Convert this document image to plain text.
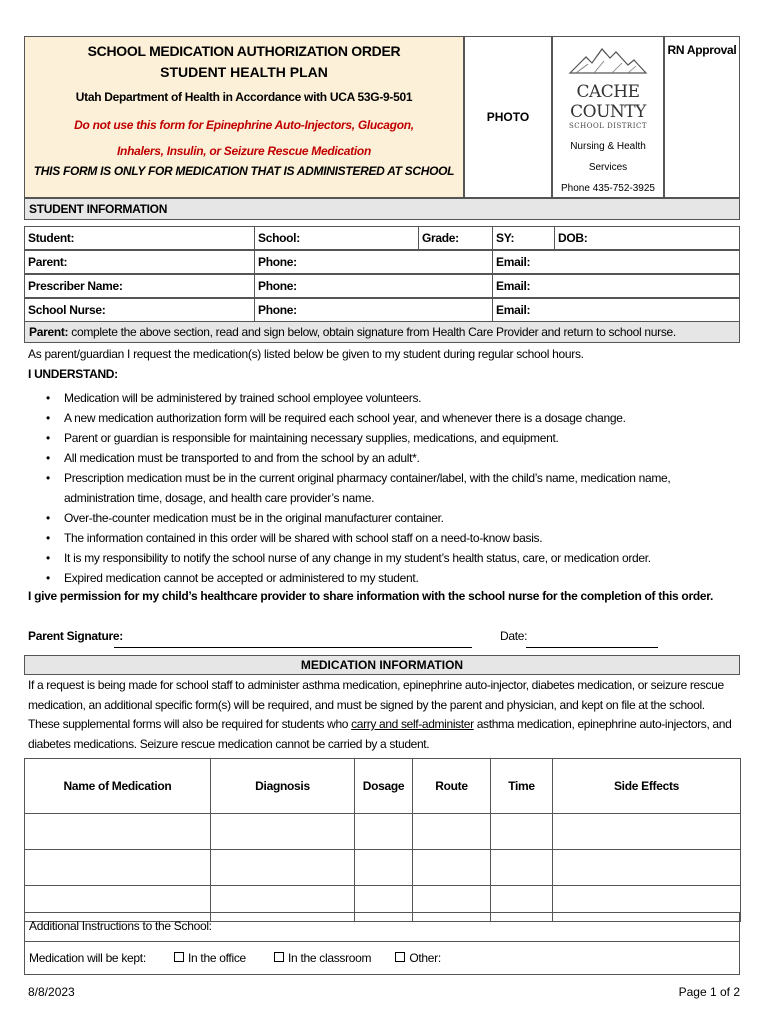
SCHOOL MEDICATION AUTHORIZATION ORDER
STUDENT HEALTH PLAN
Utah Department of Health in Accordance with UCA 53G-9-501
Do not use this form for Epinephrine Auto-Injectors, Glucagon,
Inhalers, Insulin, or Seizure Rescue Medication
THIS FORM IS ONLY FOR MEDICATION THAT IS ADMINISTERED AT SCHOOL
PHOTO
CACHE COUNTY
SCHOOL DISTRICT
Nursing & Health Services
Phone 435-752-3925
RN Approval
STUDENT INFORMATION
Student:	School:	Grade:	SY:	DOB:
Parent:	Phone:	Email:
Prescriber Name:	Phone:	Email:
School Nurse:	Phone:	Email:
Parent: complete the above section, read and sign below, obtain signature from Health Care Provider and return to school nurse.
As parent/guardian I request the medication(s) listed below be given to my student during regular school hours.
I UNDERSTAND:
• Medication will be administered by trained school employee volunteers.
• A new medication authorization form will be required each school year, and whenever there is a dosage change.
• Parent or guardian is responsible for maintaining necessary supplies, medications, and equipment.
• All medication must be transported to and from the school by an adult*.
• Prescription medication must be in the current original pharmacy container/label, with the child’s name, medication name, administration time, dosage, and health care provider’s name.
• Over-the-counter medication must be in the original manufacturer container.
• The information contained in this order will be shared with school staff on a need-to-know basis.
• It is my responsibility to notify the school nurse of any change in my student’s health status, care, or medication order.
• Expired medication cannot be accepted or administered to my student.
I give permission for my child’s healthcare provider to share information with the school nurse for the completion of this order.
Parent Signature:	Date:
MEDICATION INFORMATION
If a request is being made for school staff to administer asthma medication, epinephrine auto-injector, diabetes medication, or seizure rescue medication, an additional specific form(s) will be required, and must be signed by the parent and physician, and kept on file at the school. These supplemental forms will also be required for students who carry and self-administer asthma medication, epinephrine auto-injectors, and diabetes medications. Seizure rescue medication cannot be carried by a student.
Name of Medication	Diagnosis	Dosage	Route	Time	Side Effects

Additional Instructions to the School:
Medication will be kept:	In the office	In the classroom	Other:
8/8/2023	Page 1 of 2
